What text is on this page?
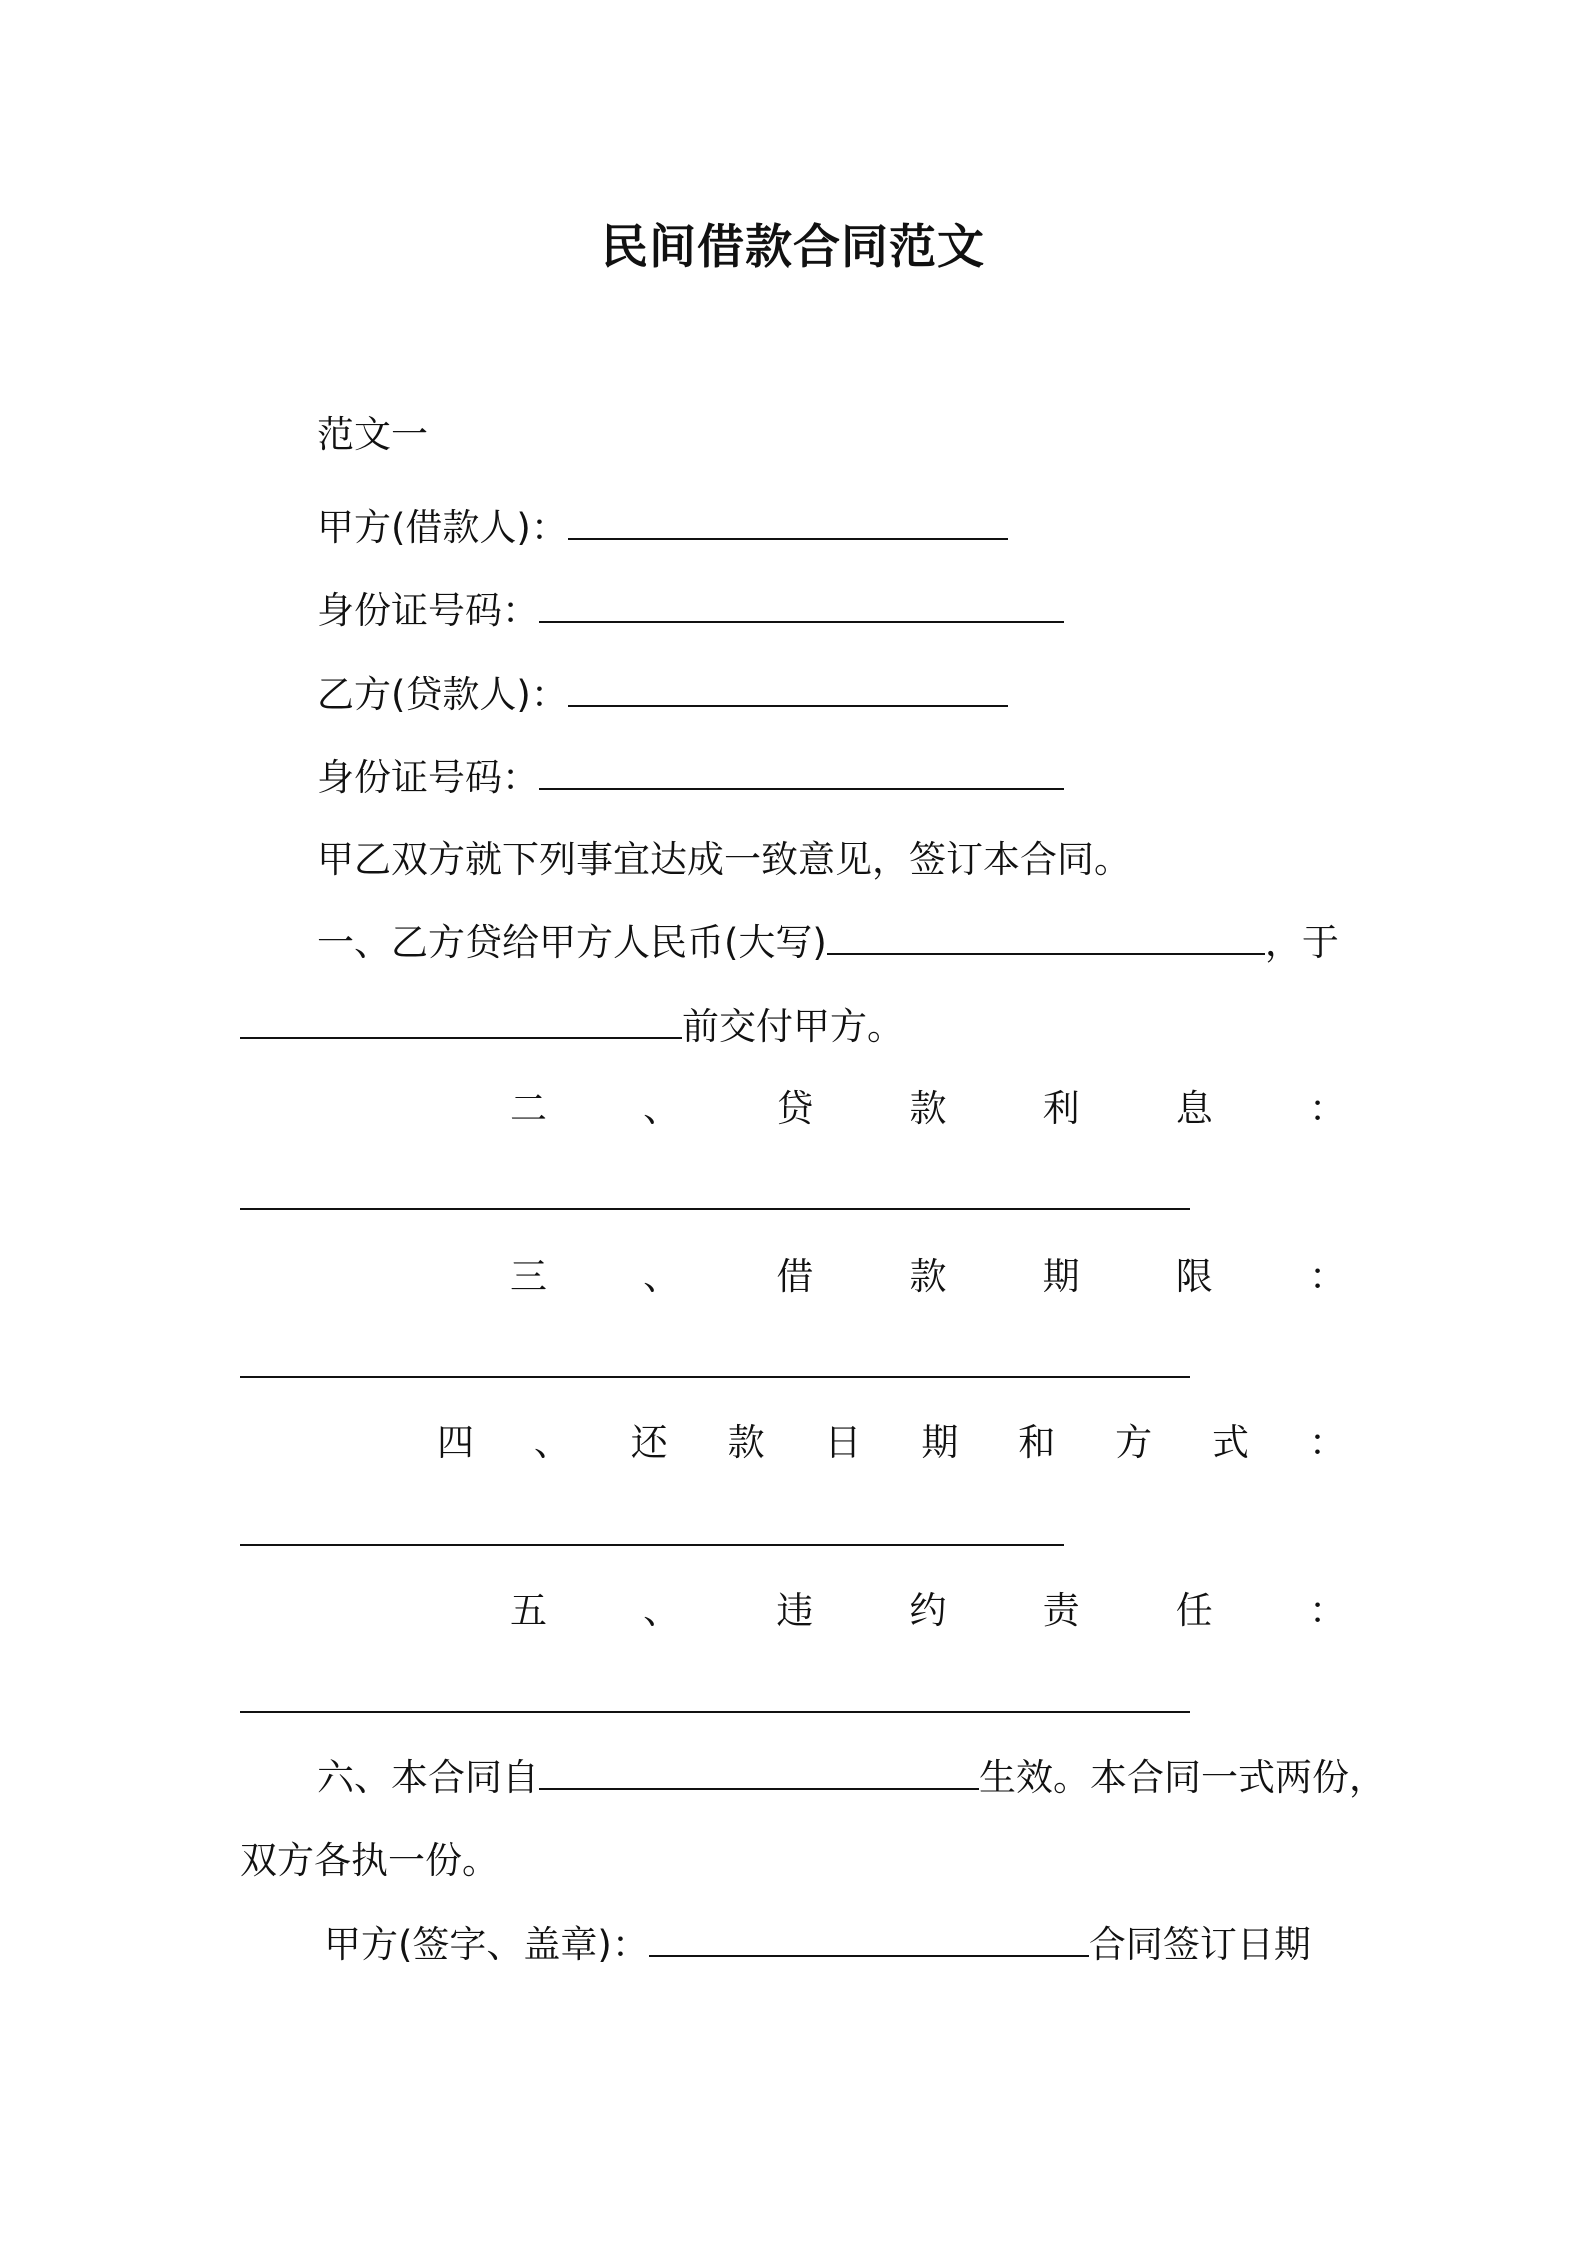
民间借款合同范文
范文一
甲方(借款人)：
身份证号码：
乙方(贷款人)：
身份证号码：
甲乙双方就下列事宜达成一致意见，签订本合同。
一、乙方贷给甲方人民币(大写)	，于
前交付甲方。
二	、	贷	款	利	息	：
三	、	借	款	期	限	：
四 、 还 款 日 期 和 方 式 ：
五	、	违	约	责	任	：
六、本合同自	生效。本合同一式两份，
双方各执一份。
甲方(签字、盖章)：	合同签订日期
